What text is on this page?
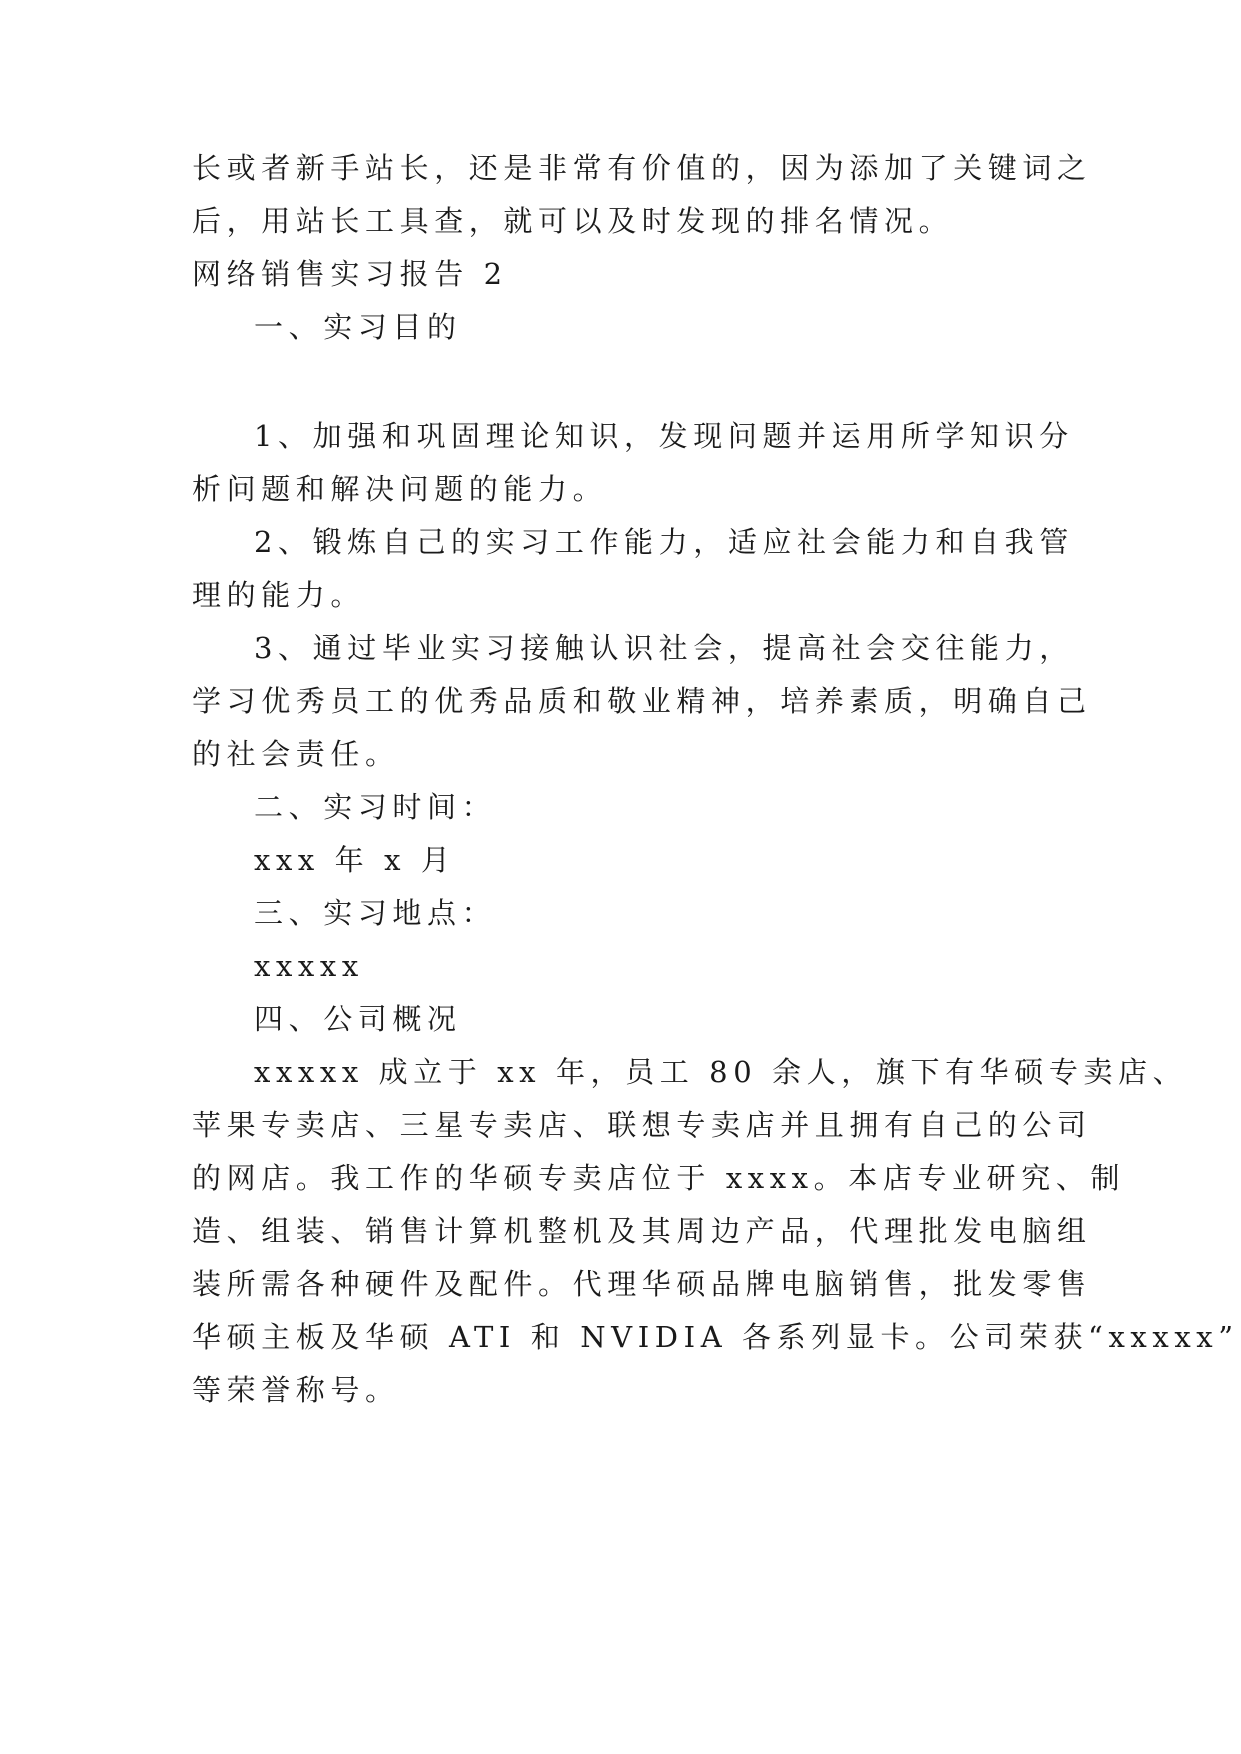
长或者新手站长，还是非常有价值的，因为添加了关键词之
后，用站长工具查，就可以及时发现的排名情况。
网络销售实习报告 2
一、实习目的
1、加强和巩固理论知识，发现问题并运用所学知识分
析问题和解决问题的能力。
2、锻炼自己的实习工作能力，适应社会能力和自我管
理的能力。
3、通过毕业实习接触认识社会，提高社会交往能力，
学习优秀员工的优秀品质和敬业精神，培养素质，明确自己
的社会责任。
二、实习时间：
xxx 年 x 月
三、实习地点：
xxxxx
四、公司概况
xxxxx 成立于 xx 年，员工 80 余人，旗下有华硕专卖店、
苹果专卖店、三星专卖店、联想专卖店并且拥有自己的公司
的网店。我工作的华硕专卖店位于 xxxx。本店专业研究、制
造、组装、销售计算机整机及其周边产品，代理批发电脑组
装所需各种硬件及配件。代理华硕品牌电脑销售，批发零售
华硕主板及华硕 ATI 和 NVIDIA 各系列显卡。公司荣获“xxxxx”
等荣誉称号。
